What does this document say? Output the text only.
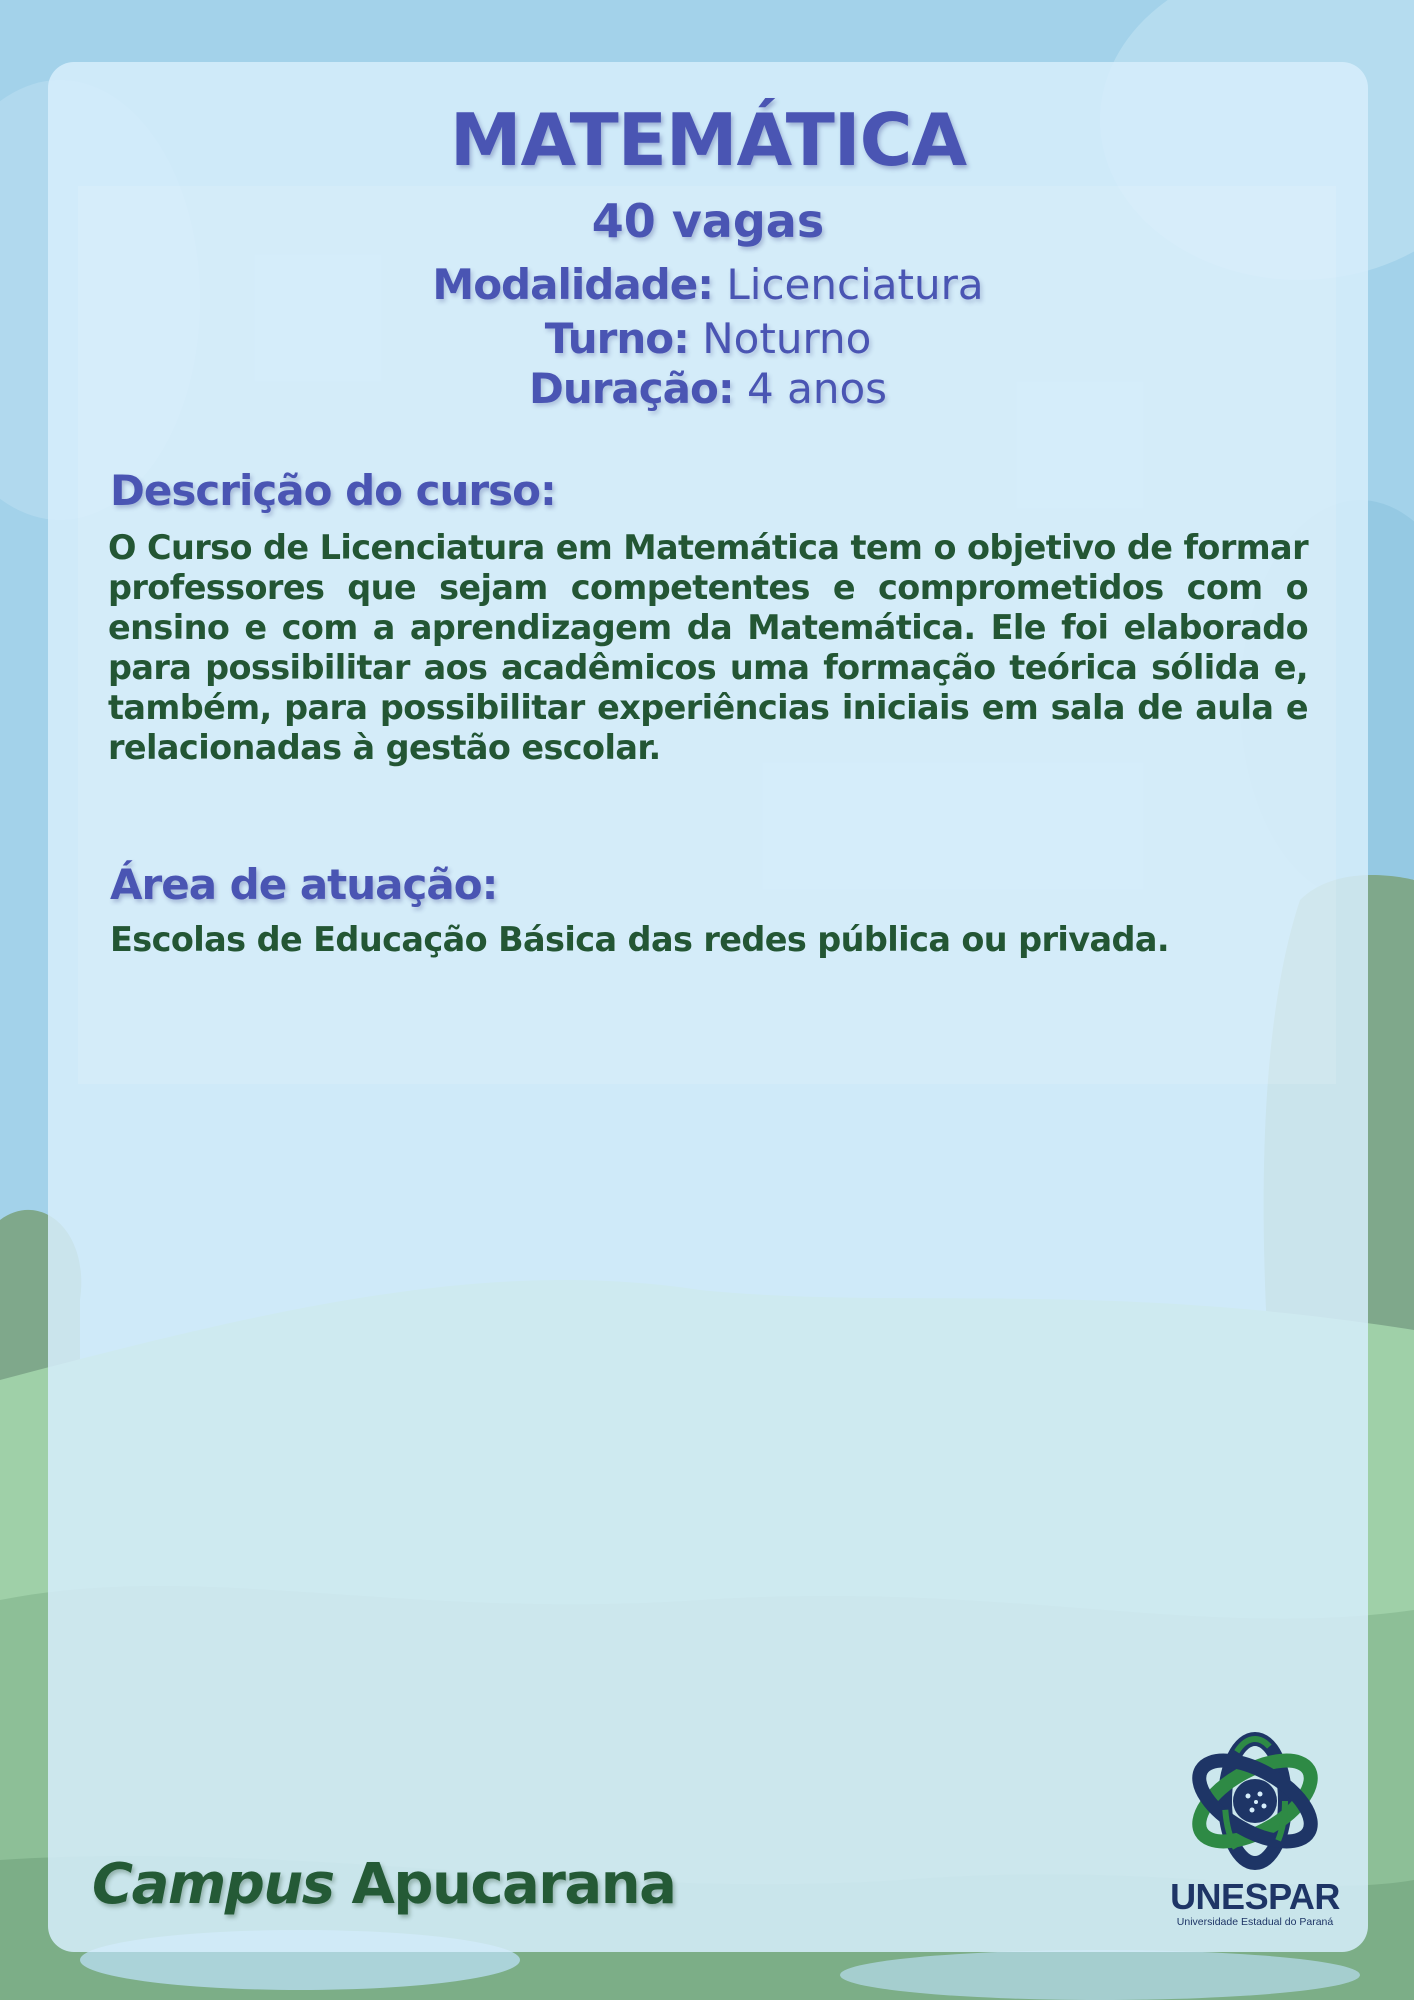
MATEMÁTICA
40 vagas
Modalidade: Licenciatura
Turno: Noturno
Duração: 4 anos
Descrição do curso:

O Curso de Licenciatura em Matemática tem o objetivo de formar professores que sejam competentes e comprometidos com o ensino e com a aprendizagem da Matemática. Ele foi elaborado para possibilitar aos acadêmicos uma formação teórica sólida e, também, para possibilitar experiências iniciais em sala de aula e relacionadas à gestão escolar.

Área de atuação:

Escolas de Educação Básica das redes pública ou privada.

Campus Apucarana	UNESPAR
Universidade Estadual do Paraná
